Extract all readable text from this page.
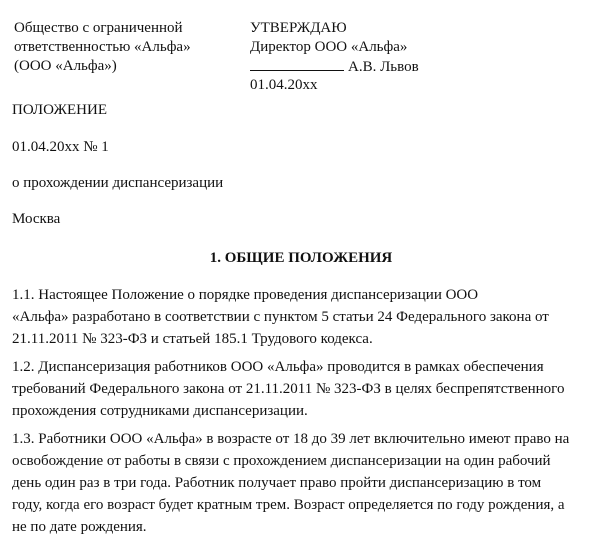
Общество с ограниченной
ответственностью «Альфа»
(ООО «Альфа»)
УТВЕРЖДАЮ
Директор ООО «Альфа»
А.В. Львов
01.04.20хх
ПОЛОЖЕНИЕ
01.04.20хх № 1
о прохождении диспансеризации
Москва
1. ОБЩИЕ ПОЛОЖЕНИЯ
1.1. Настоящее Положение о порядке проведения диспансеризации ООО
«Альфа» разработано в соответствии с пунктом 5 статьи 24 Федерального закона от
21.11.2011 № 323-ФЗ и статьей 185.1 Трудового кодекса.
1.2. Диспансеризация работников ООО «Альфа» проводится в рамках обеспечения
требований Федерального закона от 21.11.2011 № 323-ФЗ в целях беспрепятственного
прохождения сотрудниками диспансеризации.
1.3. Работники ООО «Альфа» в возрасте от 18 до 39 лет включительно имеют право на
освобождение от работы в связи с прохождением диспансеризации на один рабочий
день один раз в три года. Работник получает право пройти диспансеризацию в том
году, когда его возраст будет кратным трем. Возраст определяется по году рождения, а
не по дате рождения.
